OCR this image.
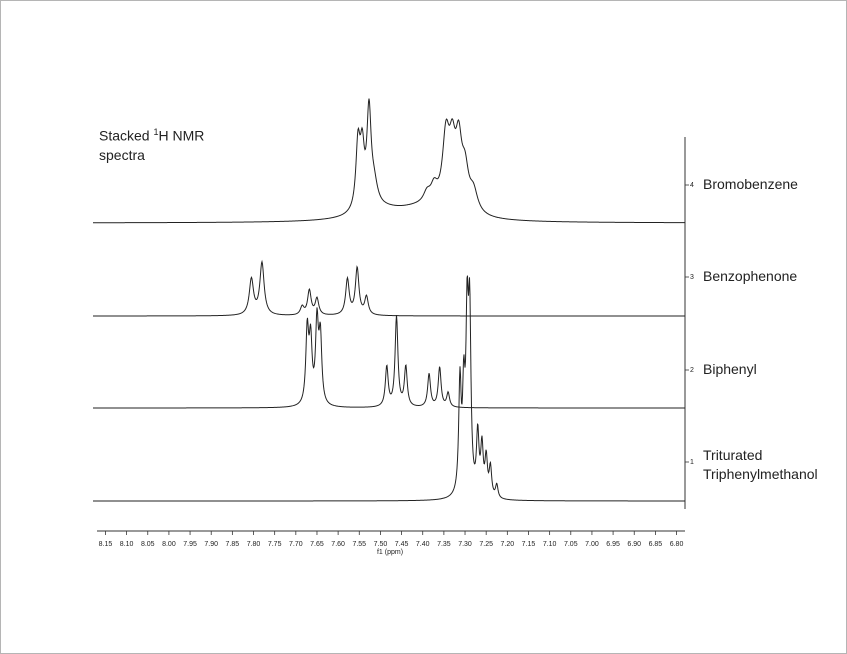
Stacked $^1$H NMR
spectra
Bromobenzene
Benzophenone
Biphenyl
Triturated
Triphenylmethanol
8.15 8.10 8.05 8.00 7.95 7.90 7.85 7.80 7.75 7.70 7.65 7.60 7.55 7.50 7.45 7.40 7.35 7.30 7.25 7.20 7.15 7.10 7.05 7.00 6.95 6.90 6.85 6.80
4
3
2
1
f1 (ppm)
